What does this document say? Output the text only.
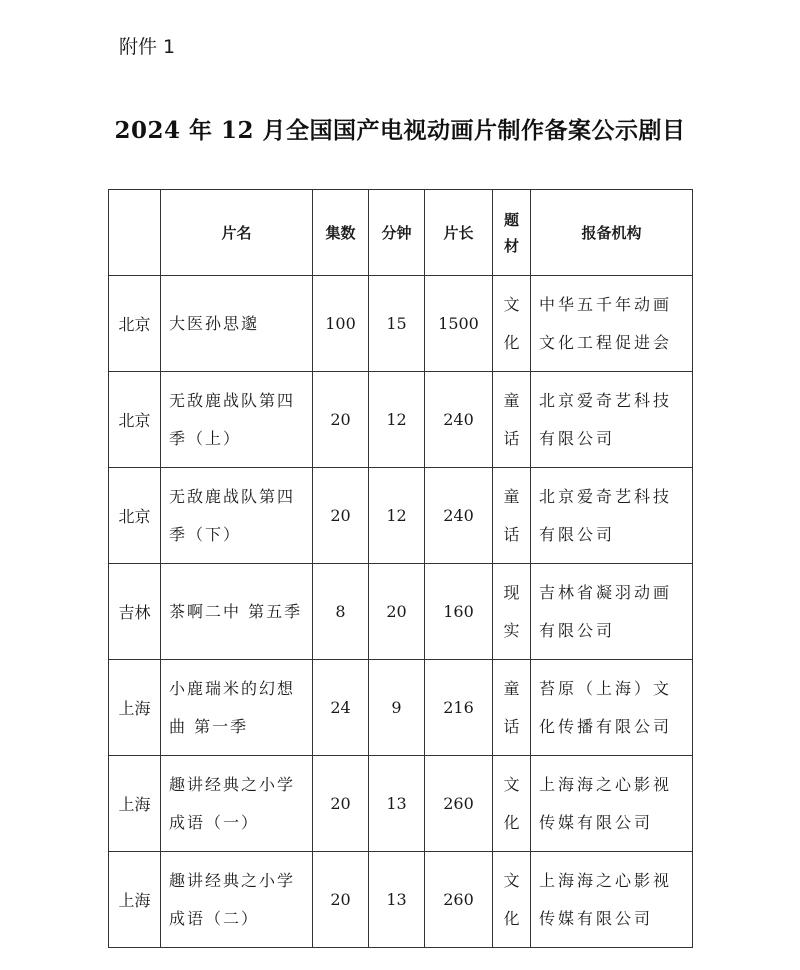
附件 1
2024 年 12 月全国国产电视动画片制作备案公示剧目
	片名	集数	分钟	片长	题材	报备机构
北京	大医孙思邈	100	15	1500	文化	中华五千年动画文化工程促进会
北京	无敌鹿战队第四季（上）	20	12	240	童话	北京爱奇艺科技有限公司
北京	无敌鹿战队第四季（下）	20	12	240	童话	北京爱奇艺科技有限公司
吉林	茶啊二中 第五季	8	20	160	现实	吉林省凝羽动画有限公司
上海	小鹿瑞米的幻想曲 第一季	24	9	216	童话	苔原（上海）文化传播有限公司
上海	趣讲经典之小学成语（一）	20	13	260	文化	上海海之心影视传媒有限公司
上海	趣讲经典之小学成语（二）	20	13	260	文化	上海海之心影视传媒有限公司
